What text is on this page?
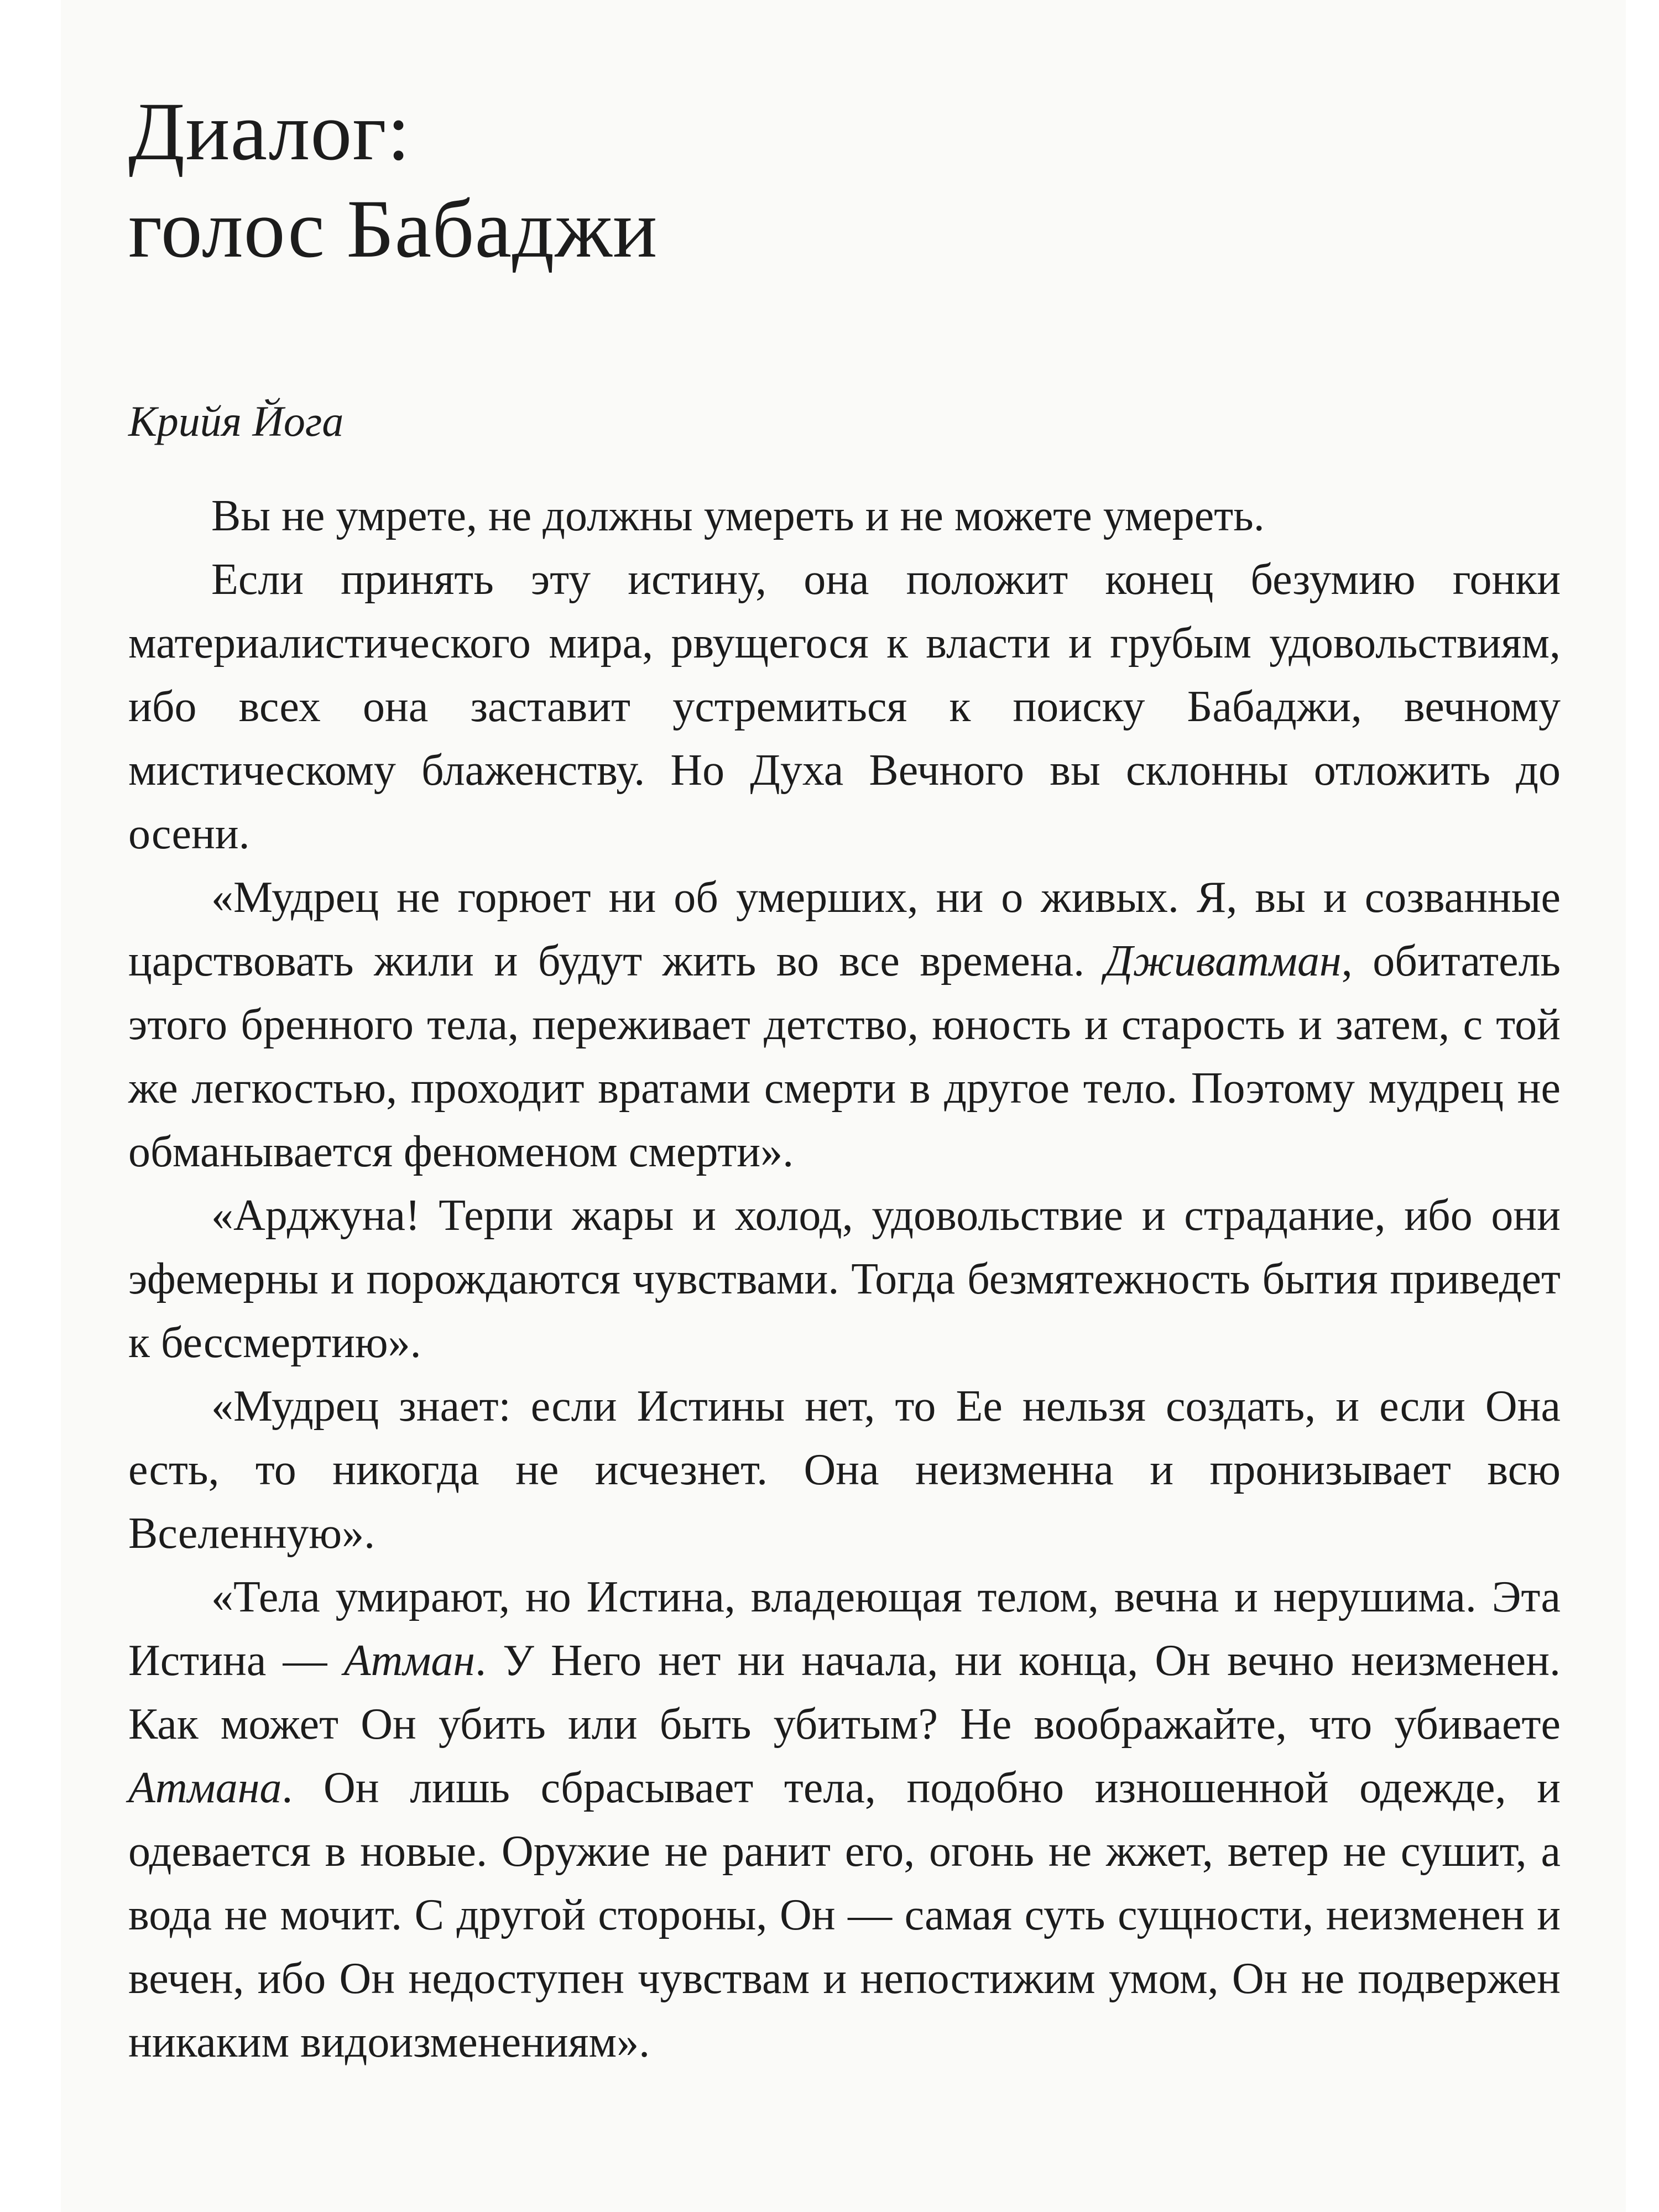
Диалог:
голос Бабаджи
Крийя Йога

Вы не умрете, не должны умереть и не можете умереть.

Если принять эту истину, она положит конец безумию гонки материалистического мира, рвущегося к власти и грубым удовольствиям, ибо всех она заставит устремиться к поиску Бабаджи, вечному мистическому блаженству. Но Духа Вечного вы склонны отложить до осени.

«Мудрец не горюет ни об умерших, ни о живых. Я, вы и созванные царствовать жили и будут жить во все времена. Дживатман, обитатель этого бренного тела, переживает детство, юность и старость и затем, с той же легкостью, проходит вратами смерти в другое тело. Поэтому мудрец не обманывается феноменом смерти».

«Арджуна! Терпи жары и холод, удовольствие и страдание, ибо они эфемерны и порождаются чувствами. Тогда безмятежность бытия приведет к бессмертию».

«Мудрец знает: если Истины нет, то Ее нельзя создать, и если Она есть, то никогда не исчезнет. Она неизменна и пронизывает всю Вселенную».

«Тела умирают, но Истина, владеющая телом, вечна и нерушима. Эта Истина — Атман. У Него нет ни начала, ни конца, Он вечно неизменен. Как может Он убить или быть убитым? Не воображайте, что убиваете Атмана. Он лишь сбрасывает тела, подобно изношенной одежде, и одевается в новые. Оружие не ранит его, огонь не жжет, ветер не сушит, а вода не мочит. С другой стороны, Он — самая суть сущности, неизменен и вечен, ибо Он недоступен чувствам и непостижим умом, Он не подвержен никаким видоизменениям».
